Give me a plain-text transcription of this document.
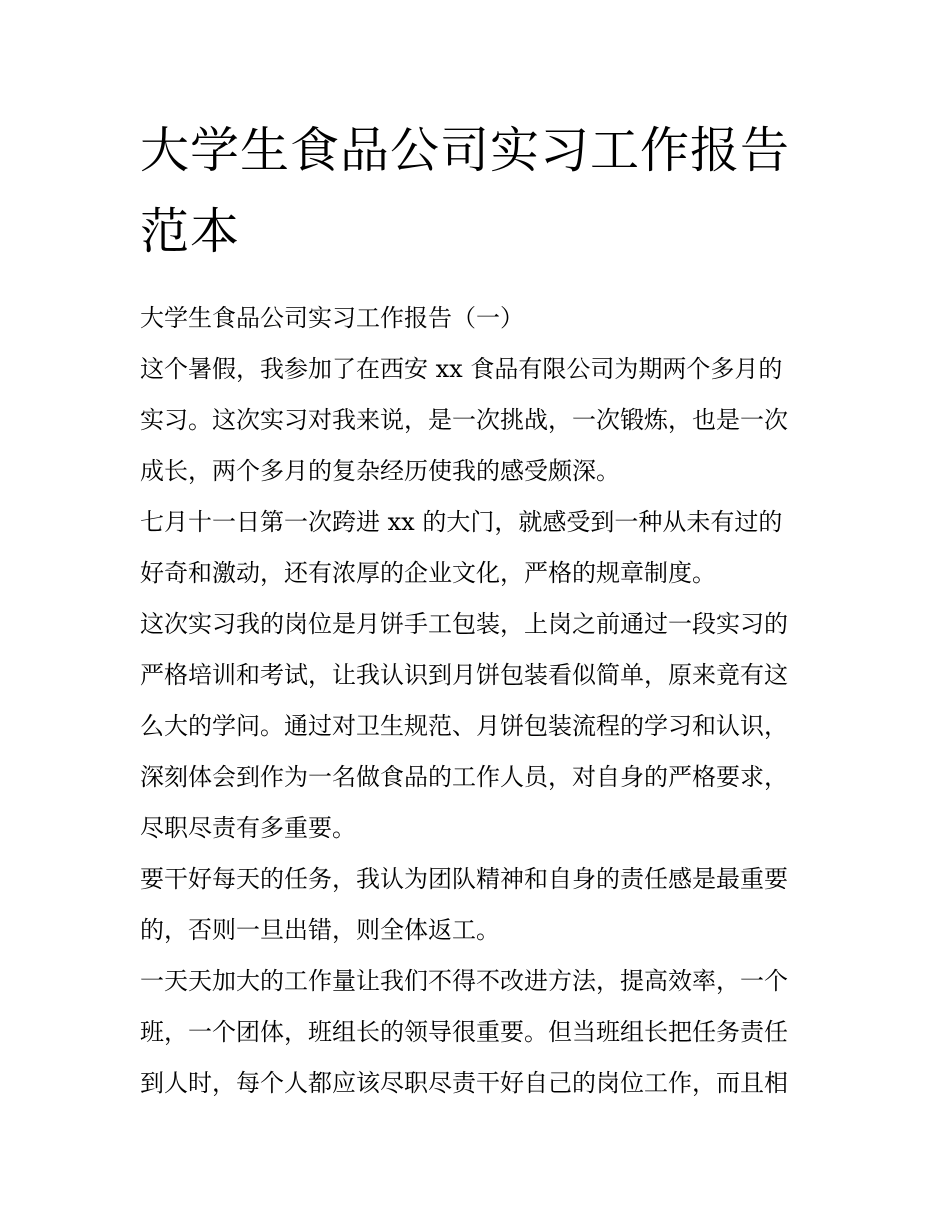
大学生食品公司实习工作报告
范本

大学生食品公司实习工作报告（一）

这个暑假，我参加了在西安 xx 食品有限公司为期两个多月的
实习。这次实习对我来说，是一次挑战，一次锻炼，也是一次
成长，两个多月的复杂经历使我的感受颇深。

七月十一日第一次跨进 xx 的大门，就感受到一种从未有过的
好奇和激动，还有浓厚的企业文化，严格的规章制度。

这次实习我的岗位是月饼手工包装，上岗之前通过一段实习的
严格培训和考试，让我认识到月饼包装看似简单，原来竟有这
么大的学问。通过对卫生规范、月饼包装流程的学习和认识，
深刻体会到作为一名做食品的工作人员，对自身的严格要求，
尽职尽责有多重要。

要干好每天的任务，我认为团队精神和自身的责任感是最重要
的，否则一旦出错，则全体返工。

一天天加大的工作量让我们不得不改进方法，提高效率，一个
班，一个团体，班组长的领导很重要。但当班组长把任务责任
到人时，每个人都应该尽职尽责干好自己的岗位工作，而且相
